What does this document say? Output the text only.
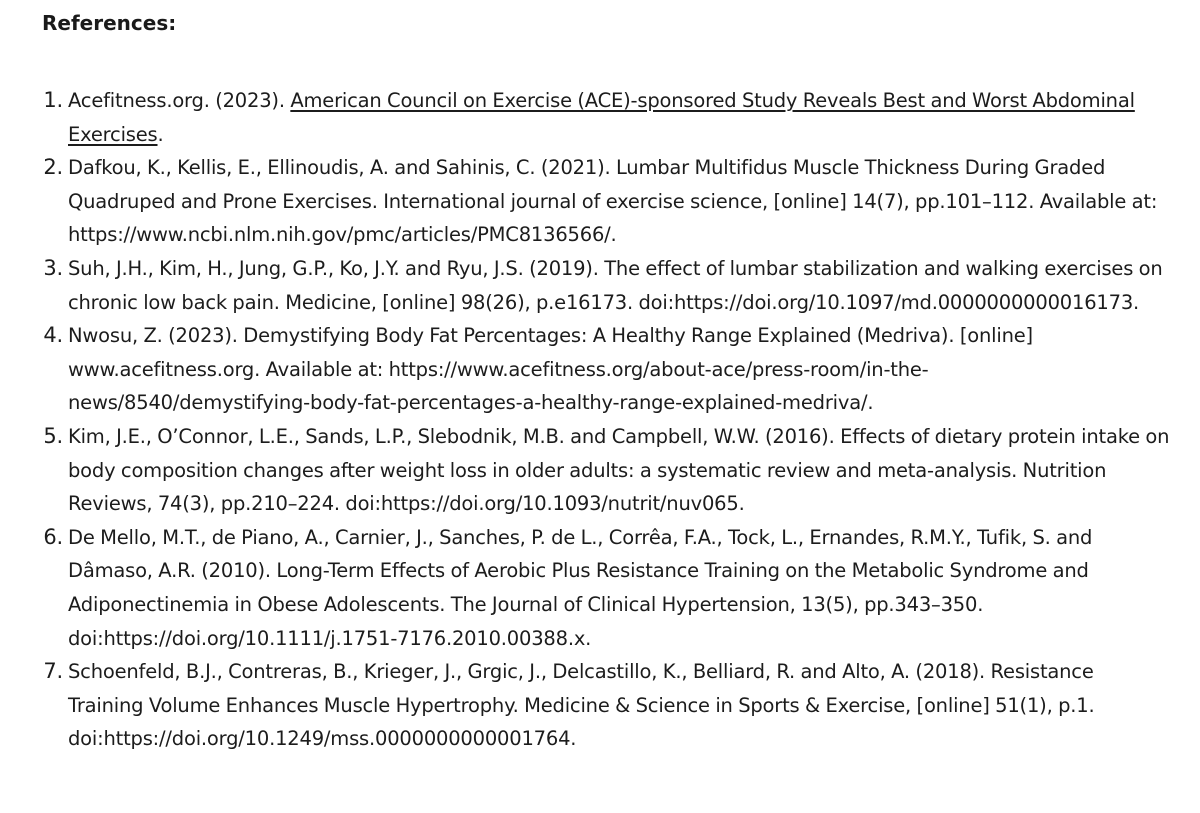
References:
1. Acefitness.org. (2023). American Council on Exercise (ACE)-sponsored Study Reveals Best and Worst Abdominal Exercises.
2. Dafkou, K., Kellis, E., Ellinoudis, A. and Sahinis, C. (2021). Lumbar Multifidus Muscle Thickness During Graded Quadruped and Prone Exercises. International journal of exercise science, [online] 14(7), pp.101–112. Available at: https://www.ncbi.nlm.nih.gov/pmc/articles/PMC8136566/.
3. Suh, J.H., Kim, H., Jung, G.P., Ko, J.Y. and Ryu, J.S. (2019). The effect of lumbar stabilization and walking exercises on chronic low back pain. Medicine, [online] 98(26), p.e16173. doi:https://doi.org/10.1097/md.0000000000016173.
4. Nwosu, Z. (2023). Demystifying Body Fat Percentages: A Healthy Range Explained (Medriva). [online] www.acefitness.org. Available at: https://www.acefitness.org/about-ace/press-room/in-the-news/8540/demystifying-body-fat-percentages-a-healthy-range-explained-medriva/.
5. Kim, J.E., O’Connor, L.E., Sands, L.P., Slebodnik, M.B. and Campbell, W.W. (2016). Effects of dietary protein intake on body composition changes after weight loss in older adults: a systematic review and meta-analysis. Nutrition Reviews, 74(3), pp.210–224. doi:https://doi.org/10.1093/nutrit/nuv065.
6. De Mello, M.T., de Piano, A., Carnier, J., Sanches, P. de L., Corrêa, F.A., Tock, L., Ernandes, R.M.Y., Tufik, S. and Dâmaso, A.R. (2010). Long-Term Effects of Aerobic Plus Resistance Training on the Metabolic Syndrome and Adiponectinemia in Obese Adolescents. The Journal of Clinical Hypertension, 13(5), pp.343–350. doi:https://doi.org/10.1111/j.1751-7176.2010.00388.x.
7. Schoenfeld, B.J., Contreras, B., Krieger, J., Grgic, J., Delcastillo, K., Belliard, R. and Alto, A. (2018). Resistance Training Volume Enhances Muscle Hypertrophy. Medicine & Science in Sports & Exercise, [online] 51(1), p.1. doi:https://doi.org/10.1249/mss.0000000000001764.
